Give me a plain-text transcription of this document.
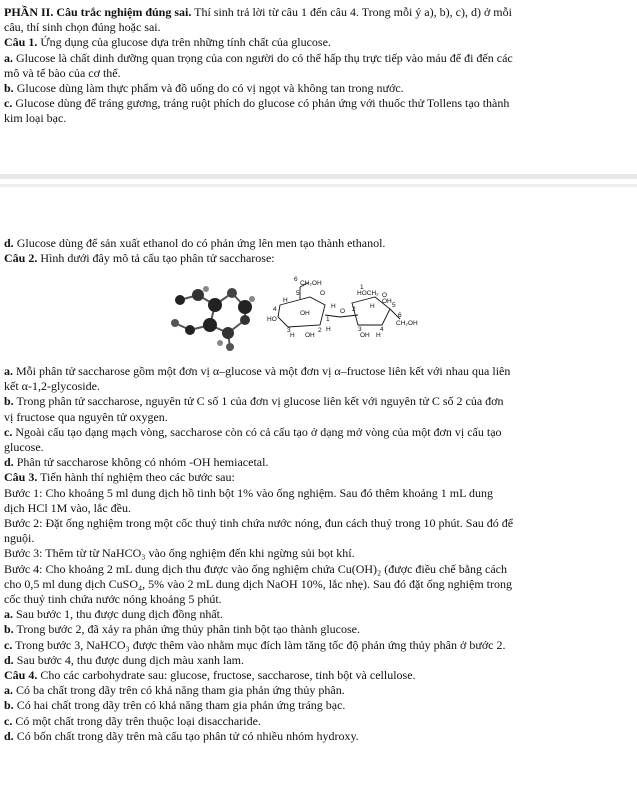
PHẦN II. Câu trắc nghiệm đúng sai. Thí sinh trả lời từ câu 1 đến câu 4. Trong mỗi ý a), b), c), d) ở mỗi
câu, thí sinh chọn đúng hoặc sai.
Câu 1. Ứng dụng của glucose dựa trên những tính chất của glucose.
a. Glucose là chất dinh dưỡng quan trọng của con người do có thể hấp thụ trực tiếp vào máu để đi đến các
mô và tế bào của cơ thể.
b. Glucose dùng làm thực phẩm và đồ uống do có vị ngọt và không tan trong nước.
c. Glucose dùng để tráng gương, tráng ruột phích do glucose có phản ứng với thuốc thử Tollens tạo thành
kim loại bạc.
d. Glucose dùng để sản xuất ethanol do có phản ứng lên men tạo thành ethanol.
Câu 2. Hình dưới đây mô tả cấu tạo phân tử saccharose:
CH₂OH
HOCH₂
CH₂OH
O	O
O
HO
OH
OH
OH
OH
H
H
H	H
H
H
5
4
3	2
1
6
2
3	4
5
6
1
a. Mỗi phân tử saccharose gồm một đơn vị α–glucose và một đơn vị α–fructose liên kết với nhau qua liên
kết α-1,2-glycoside.
b. Trong phân tử saccharose, nguyên tử C số 1 của đơn vị glucose liên kết với nguyên tử C số 2 của đơn
vị fructose qua nguyên tử oxygen.
c. Ngoài cấu tạo dạng mạch vòng, saccharose còn có cả cấu tạo ở dạng mở vòng của một đơn vị cấu tạo
glucose.
d. Phân tử saccharose không có nhóm -OH hemiacetal.
Câu 3. Tiến hành thí nghiệm theo các bước sau:
Bước 1: Cho khoảng 5 ml dung dịch hồ tinh bột 1% vào ống nghiệm. Sau đó thêm khoảng 1 mL dung
dịch HCl 1M vào, lắc đều.
Bước 2: Đặt ống nghiệm trong một cốc thuỷ tinh chứa nước nóng, đun cách thuỷ trong 10 phút. Sau đó để
nguội.
Bước 3: Thêm từ từ NaHCO₃ vào ống nghiệm đến khi ngừng sủi bọt khí.
Bước 4: Cho khoảng 2 mL dung dịch thu được vào ống nghiệm chứa Cu(OH)₂ (được điều chế bằng cách
cho 0,5 ml dung dịch CuSO₄, 5% vào 2 mL dung dịch NaOH 10%, lắc nhẹ). Sau đó đặt ống nghiệm trong
cốc thuỷ tinh chứa nước nóng khoảng 5 phút.
a. Sau bước 1, thu được dung dịch đồng nhất.
b. Trong bước 2, đã xảy ra phản ứng thủy phân tinh bột tạo thành glucose.
c. Trong bước 3, NaHCO₃ được thêm vào nhằm mục đích làm tăng tốc độ phản ứng thủy phân ở bước 2.
d. Sau bước 4, thu được dung dịch màu xanh lam.
Câu 4. Cho các carbohydrate sau: glucose, fructose, saccharose, tinh bột và cellulose.
a. Có ba chất trong dãy trên có khả năng tham gia phản ứng thủy phân.
b. Có hai chất trong dãy trên có khả năng tham gia phản ứng tráng bạc.
c. Có một chất trong dãy trên thuộc loại disaccharide.
d. Có bốn chất trong dãy trên mà cấu tạo phân tử có nhiều nhóm hydroxy.
